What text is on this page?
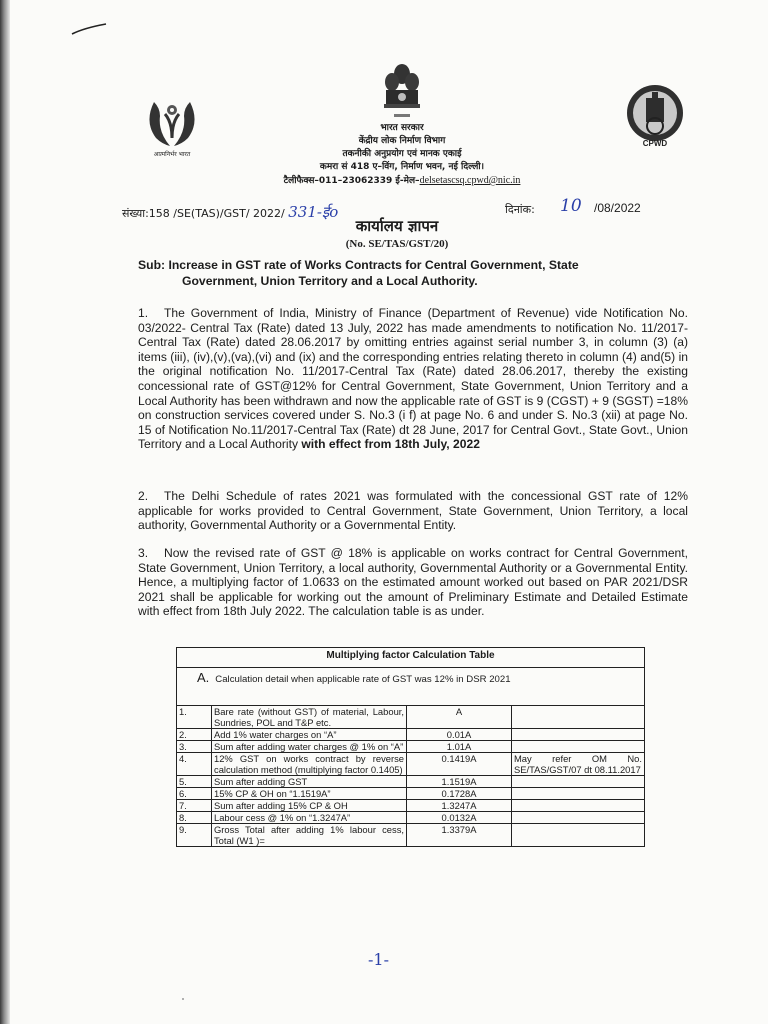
आत्मनिर्भर भारत
CPWD
भारत सरकार
केंद्रीय लोक निर्माण विभाग
तकनीकी अनुप्रयोग एवं मानक एकाई
कमरा सं 418 ए–विंग, निर्माण भवन, नई दिल्ली।
टैलीफैक्स–011–23062339 ई-मेल–delsetascsq.cpwd@nic.in
संख्या:158 /SE(TAS)/GST/ 2022/ 331-ईo	दिनांक: 10 /08/2022
कार्यालय ज्ञापन
(No. SE/TAS/GST/20)
Sub: Increase in GST rate of Works Contracts for Central Government, State
Government, Union Territory and a Local Authority.
1. The Government of India, Ministry of Finance (Department of Revenue) vide Notification No. 03/2022- Central Tax (Rate) dated 13 July, 2022 has made amendments to notification No. 11/2017-Central Tax (Rate) dated 28.06.2017 by omitting entries against serial number 3, in column (3) (a) items (iii), (iv),(v),(va),(vi) and (ix) and the corresponding entries relating thereto in column (4) and(5) in the original notification No. 11/2017-Central Tax (Rate) dated 28.06.2017, thereby the existing concessional rate of GST@12% for Central Government, State Government, Union Territory and a Local Authority has been withdrawn and now the applicable rate of GST is 9 (CGST) + 9 (SGST) =18% on construction services covered under S. No.3 (i f) at page No. 6 and under S. No.3 (xii) at page No. 15 of Notification No.11/2017-Central Tax (Rate) dt 28 June, 2017 for Central Govt., State Govt., Union Territory and a Local Authority with effect from 18th July, 2022
2. The Delhi Schedule of rates 2021 was formulated with the concessional GST rate of 12% applicable for works provided to Central Government, State Government, Union Territory, a local authority, Governmental Authority or a Governmental Entity.
3. Now the revised rate of GST @ 18% is applicable on works contract for Central Government, State Government, Union Territory, a local authority, Governmental Authority or a Governmental Entity. Hence, a multiplying factor of 1.0633 on the estimated amount worked out based on PAR 2021/DSR 2021 shall be applicable for working out the amount of Preliminary Estimate and Detailed Estimate with effect from 18th July 2022. The calculation table is as under.
Multiplying factor Calculation Table			
A. Calculation detail when applicable rate of GST was 12% in DSR 2021			

1.	Bare rate (without GST) of material, Labour, Sundries, POL and T&P etc.	A	
2.	Add 1% water charges on “A”	0.01A	
3.	Sum after adding water charges @ 1% on “A”	1.01A	
4.	12% GST on works contract by reverse calculation method (multiplying factor 0.1405)	0.1419A	May refer OM No. SE/TAS/GST/07 dt 08.11.2017
5.	Sum after adding GST	1.1519A	
6.	15% CP & OH on “1.1519A”	0.1728A	
7.	Sum after adding 15% CP & OH	1.3247A	
8.	Labour cess @ 1% on “1.3247A”	0.0132A	
9.	Gross Total after adding 1% labour cess, Total (W1 )=	1.3379A	
-1-
